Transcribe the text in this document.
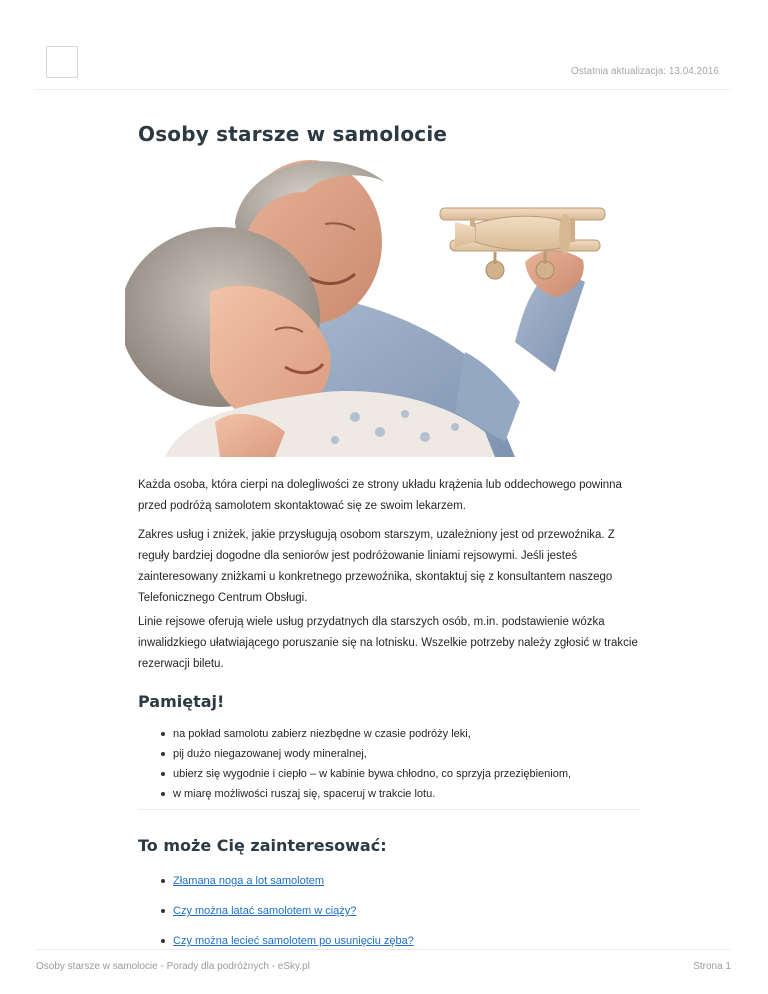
Ostatnia aktualizacja: 13.04.2016
Osoby starsze w samolocie

Każda osoba, która cierpi na dolegliwości ze strony układu krążenia lub oddechowego powinna przed podróżą samolotem skontaktować się ze swoim lekarzem.

Zakres usług i zniżek, jakie przysługują osobom starszym, uzależniony jest od przewoźnika. Z reguły bardziej dogodne dla seniorów jest podróżowanie liniami rejsowymi. Jeśli jesteś zainteresowany zniżkami u konkretnego przewoźnika, skontaktuj się z konsultantem naszego Telefonicznego Centrum Obsługi.

Linie rejsowe oferują wiele usług przydatnych dla starszych osób, m.in. podstawienie wózka inwalidzkiego ułatwiającego poruszanie się na lotnisku. Wszelkie potrzeby należy zgłosić w trakcie rezerwacji biletu.

Pamiętaj!
na pokład samolotu zabierz niezbędne w czasie podróży leki,
pij dużo niegazowanej wody mineralnej,
ubierz się wygodnie i ciepło – w kabinie bywa chłodno, co sprzyja przeziębieniom,
w miarę możliwości ruszaj się, spaceruj w trakcie lotu.
To może Cię zainteresować:
Złamana noga a lot samolotem
Czy można latać samolotem w ciąży?
Czy można lecieć samolotem po usunięciu zęba?
Osoby starsze w samolocie - Porady dla podróżnych - eSky.pl	Strona 1
